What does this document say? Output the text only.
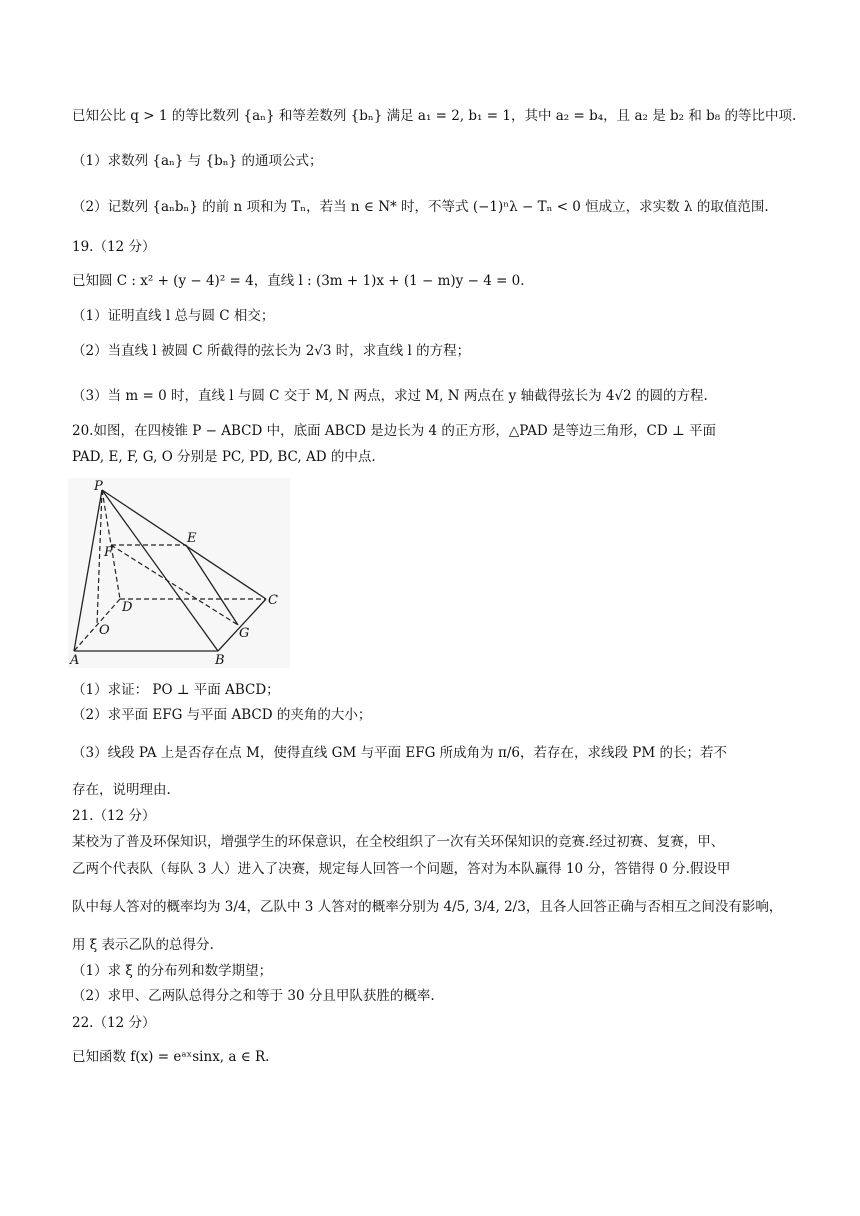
已知公比 q > 1 的等比数列 {aₙ} 和等差数列 {bₙ} 满足 a₁ = 2, b₁ = 1，其中 a₂ = b₄，且 a₂ 是 b₂ 和 b₈ 的等比中项.
（1）求数列 {aₙ} 与 {bₙ} 的通项公式；
（2）记数列 {aₙbₙ} 的前 n 项和为 Tₙ，若当 n ∈ N* 时，不等式 (−1)ⁿλ − Tₙ < 0 恒成立，求实数 λ 的取值范围.
19.（12 分）
已知圆 C : x² + (y − 4)² = 4，直线 l : (3m + 1)x + (1 − m)y − 4 = 0.
（1）证明直线 l 总与圆 C 相交；
（2）当直线 l 被圆 C 所截得的弦长为 2√3 时，求直线 l 的方程；
（3）当 m = 0 时，直线 l 与圆 C 交于 M, N 两点，求过 M, N 两点在 y 轴截得弦长为 4√2 的圆的方程.
20.如图，在四棱锥 P − ABCD 中，底面 ABCD 是边长为 4 的正方形，△PAD 是等边三角形，CD ⊥ 平面
PAD, E, F, G, O 分别是 PC, PD, BC, AD 的中点.
P
E
F
C
D
O	G
A	B
（1）求证： PO ⊥ 平面 ABCD；
（2）求平面 EFG 与平面 ABCD 的夹角的大小；
（3）线段 PA 上是否存在点 M，使得直线 GM 与平面 EFG 所成角为 π/6，若存在，求线段 PM 的长；若不
存在，说明理由.
21.（12 分）
某校为了普及环保知识，增强学生的环保意识，在全校组织了一次有关环保知识的竞赛.经过初赛、复赛，甲、
乙两个代表队（每队 3 人）进入了决赛，规定每人回答一个问题，答对为本队赢得 10 分，答错得 0 分.假设甲
队中每人答对的概率均为 3/4，乙队中 3 人答对的概率分别为 4/5, 3/4, 2/3，且各人回答正确与否相互之间没有影响，
用 ξ 表示乙队的总得分.
（1）求 ξ 的分布列和数学期望；
（2）求甲、乙两队总得分之和等于 30 分且甲队获胜的概率.
22.（12 分）
已知函数 f(x) = eᵃˣsinx, a ∈ R.
